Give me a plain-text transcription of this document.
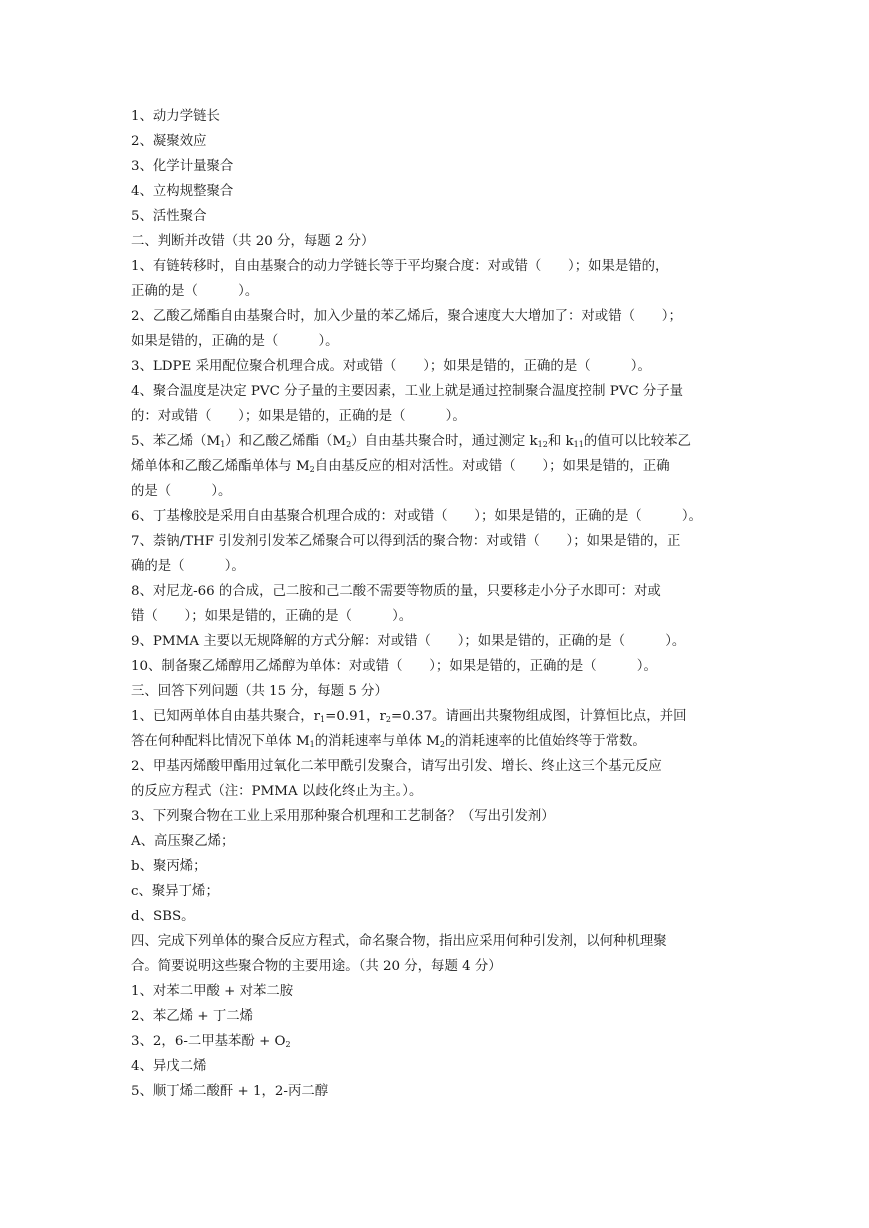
1、动力学链长
2、凝聚效应
3、化学计量聚合
4、立构规整聚合
5、活性聚合
二、判断并改错（共 20 分，每题 2 分）
1、有链转移时，自由基聚合的动力学链长等于平均聚合度：对或错（　　）；如果是错的，
正确的是（　　　）。
2、乙酸乙烯酯自由基聚合时，加入少量的苯乙烯后，聚合速度大大增加了：对或错（　　）；
如果是错的，正确的是（　　　）。
3、LDPE 采用配位聚合机理合成。对或错（　　）；如果是错的，正确的是（　　　）。
4、聚合温度是决定 PVC 分子量的主要因素，工业上就是通过控制聚合温度控制 PVC 分子量
的：对或错（　　）；如果是错的，正确的是（　　　）。
5、苯乙烯$(M_1)$和乙酸乙烯酯$(M_2)$自由基共聚合时，通过测定 $k_{12}$和 $k_{11}$的值可以比较苯乙
烯单体和乙酸乙烯酯单体与 $M_2$自由基反应的相对活性。对或错（　　）；如果是错的，正确
的是（　　　）。
6、丁基橡胶是采用自由基聚合机理合成的：对或错（　　）；如果是错的，正确的是（　　　）。
7、萘钠/THF 引发剂引发苯乙烯聚合可以得到活的聚合物：对或错（　　）；如果是错的，正
确的是（　　　）。
8、对尼龙-66 的合成，己二胺和己二酸不需要等物质的量，只要移走小分子水即可：对或
错（　　）；如果是错的，正确的是（　　　）。
9、PMMA 主要以无规降解的方式分解：对或错（　　）；如果是错的，正确的是（　　　）。
10、制备聚乙烯醇用乙烯醇为单体：对或错（　　）；如果是错的，正确的是（　　　）。
三、回答下列问题（共 15 分，每题 5 分）
1、已知两单体自由基共聚合，$r_1=0.91$，$r_2=0.37$。请画出共聚物组成图，计算恒比点，并回
答在何种配料比情况下单体 $M_1$的消耗速率与单体 $M_2$的消耗速率的比值始终等于常数。
2、甲基丙烯酸甲酯用过氧化二苯甲酰引发聚合，请写出引发、增长、终止这三个基元反应
的反应方程式（注：PMMA 以歧化终止为主。）。
3、下列聚合物在工业上采用那种聚合机理和工艺制备？（写出引发剂）
A、高压聚乙烯；
b、聚丙烯；
c、聚异丁烯；
d、SBS。
四、完成下列单体的聚合反应方程式，命名聚合物，指出应采用何种引发剂，以何种机理聚
合。简要说明这些聚合物的主要用途。（共 20 分，每题 4 分）
1、对苯二甲酸 + 对苯二胺
2、苯乙烯 + 丁二烯
3、2，6-二甲基苯酚 + $O_2$
4、异戊二烯
5、顺丁烯二酸酐 + 1，2-丙二醇
